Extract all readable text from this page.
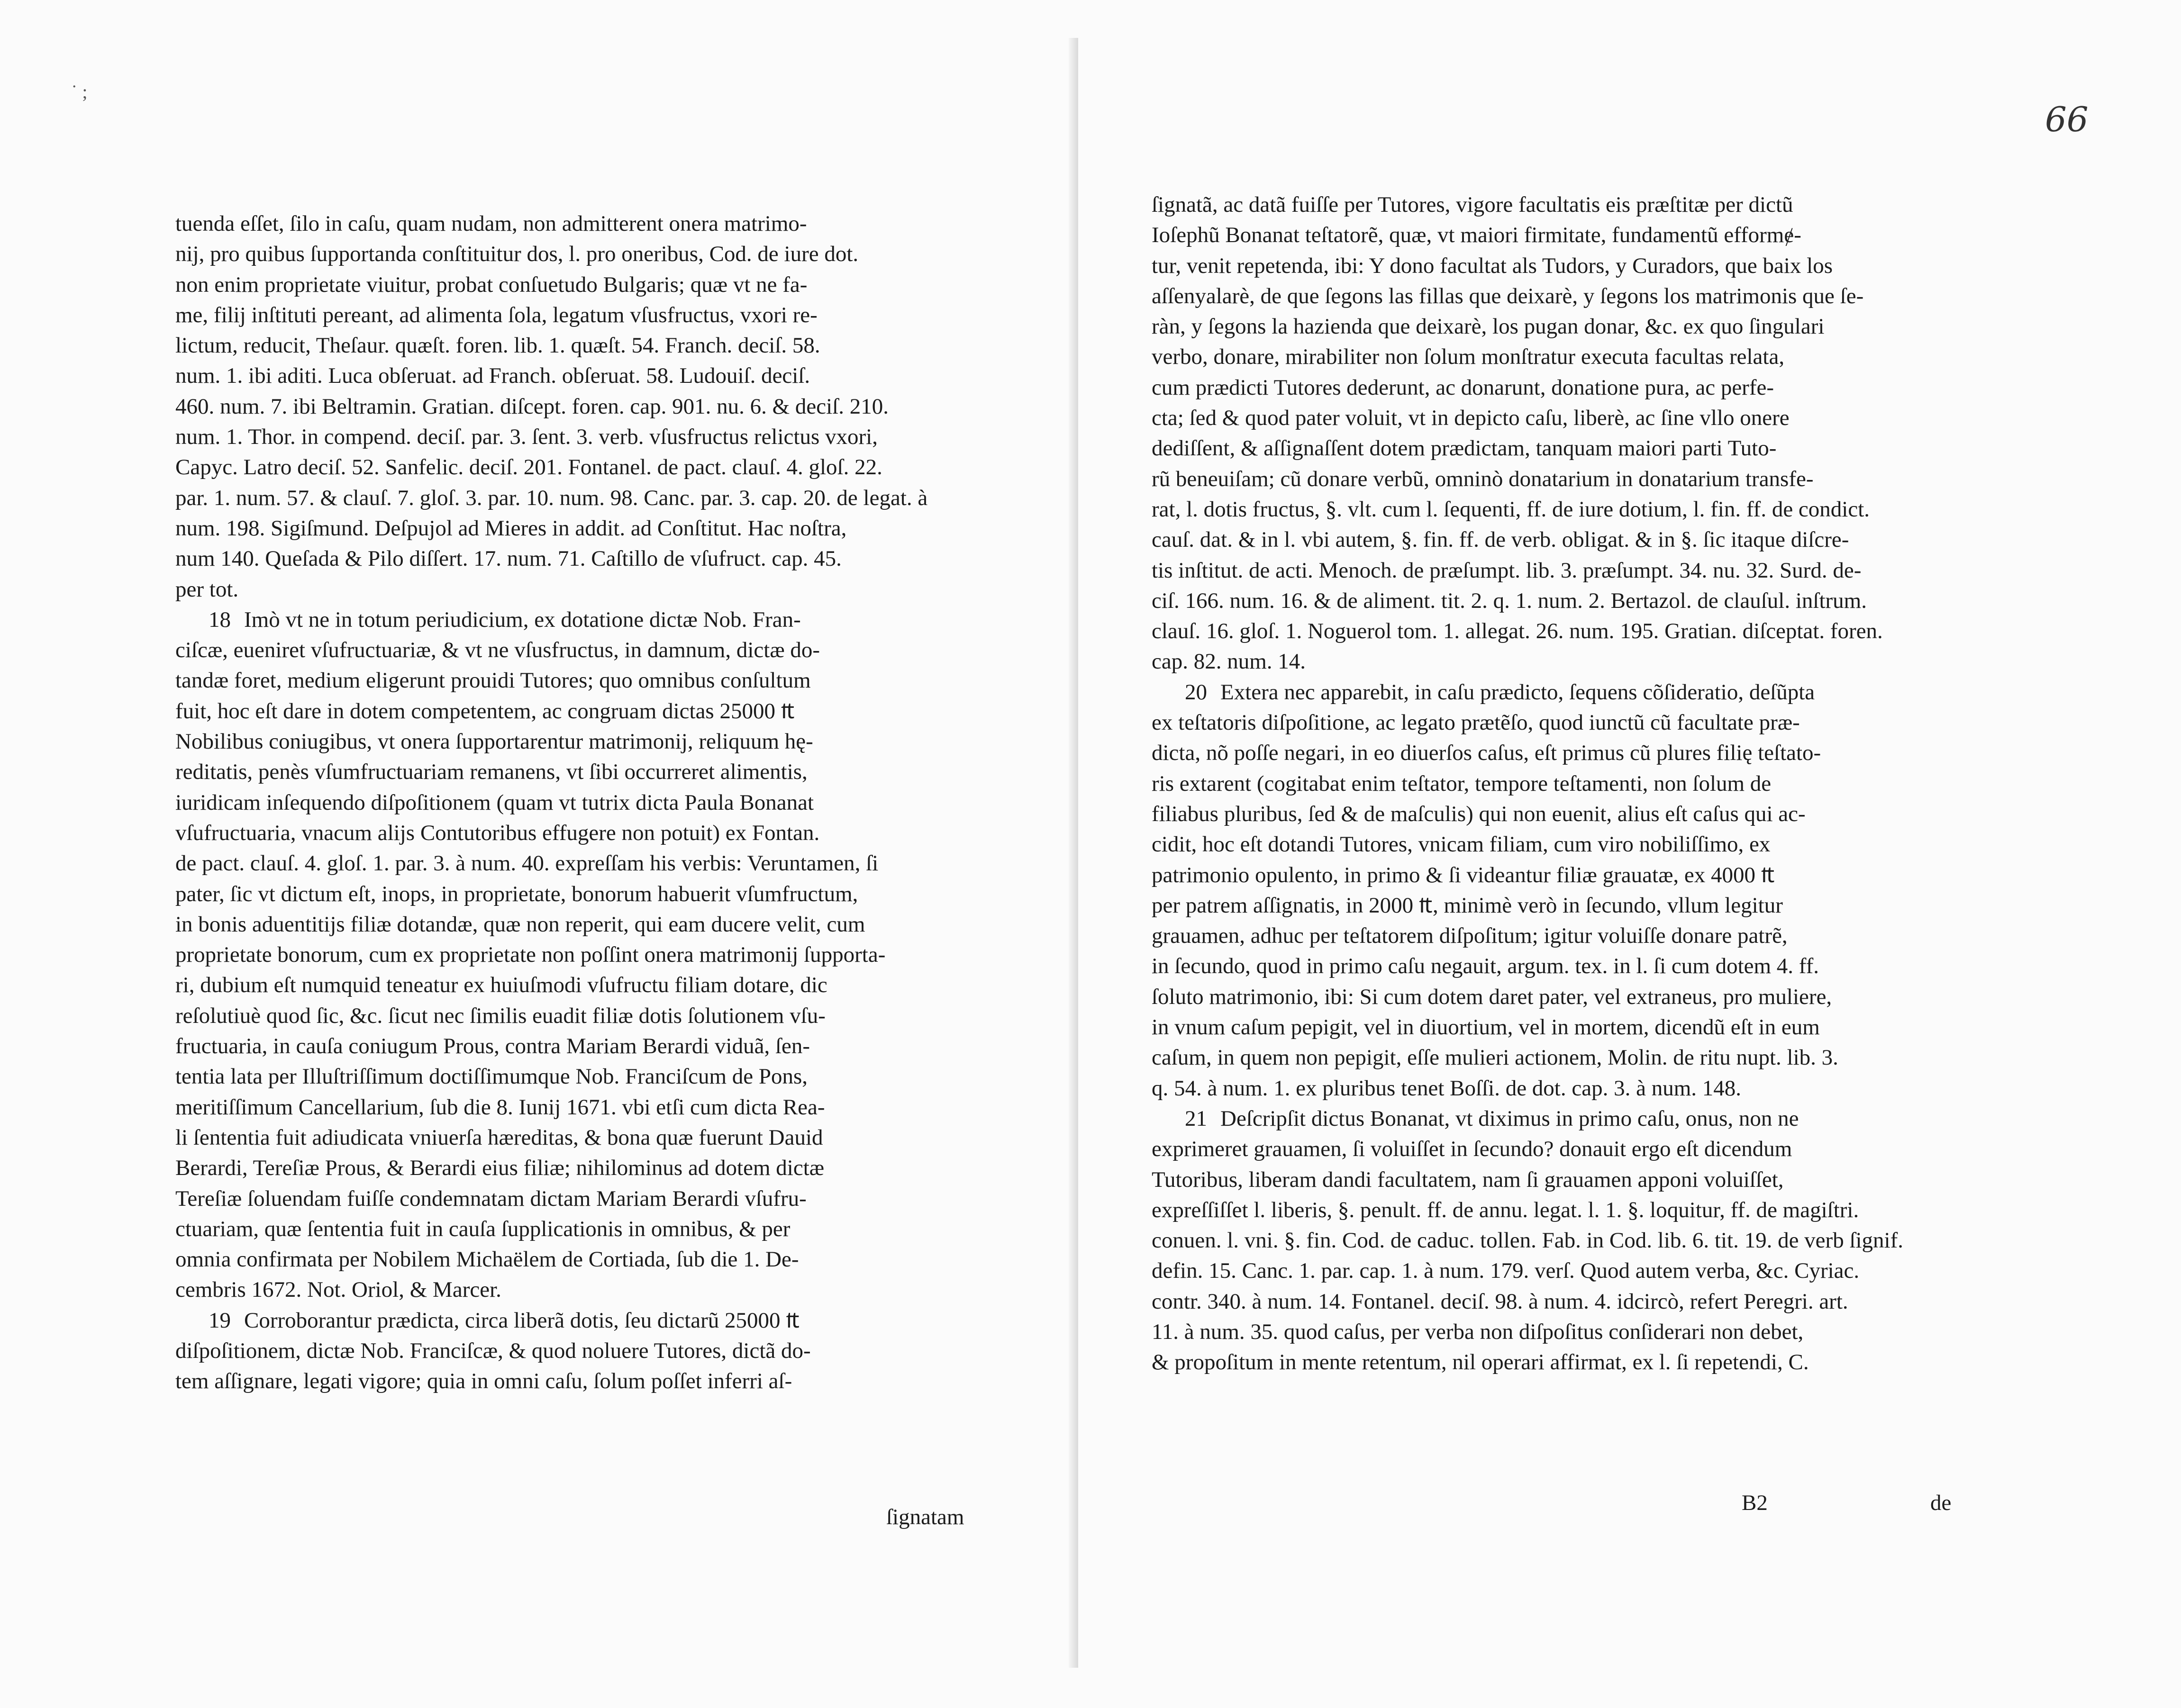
˙ ;

tuenda eſſet, ſilo in caſu, quam nudam, non admitterent onera matrimo-

nij, pro quibus ſupportanda conſtituitur dos, l. pro oneribus, Cod. de iure dot.

non enim proprietate viuitur, probat conſuetudo Bulgaris; quæ vt ne fa-

me, filij inſtituti pereant, ad alimenta ſola, legatum vſusfructus, vxori re-

lictum, reducit, Theſaur. quæſt. foren. lib. 1. quæſt. 54. Franch. deciſ. 58.

num. 1. ibi aditi. Luca obſeruat. ad Franch. obſeruat. 58. Ludouiſ. deciſ.

460. num. 7. ibi Beltramin. Gratian. diſcept. foren. cap. 901. nu. 6. & deciſ. 210.

num. 1. Thor. in compend. deciſ. par. 3. ſent. 3. verb. vſusfructus relictus vxori,

Capyc. Latro deciſ. 52. Sanfelic. deciſ. 201. Fontanel. de pact. clauſ. 4. gloſ. 22.

par. 1. num. 57. & clauſ. 7. gloſ. 3. par. 10. num. 98. Canc. par. 3. cap. 20. de legat. à

num. 198. Sigiſmund. Deſpujol ad Mieres in addit. ad Conſtitut. Hac noſtra,

num 140. Queſada & Pilo diſſert. 17. num. 71. Caſtillo de vſufruct. cap. 45.

per tot.

18 Imò vt ne in totum periudicium, ex dotatione dictæ Nob. Fran-

ciſcæ, eueniret vſufructuariæ, & vt ne vſusfructus, in damnum, dictæ do-

tandæ foret, medium eligerunt prouidi Tutores; quo omnibus conſultum

fuit, hoc eſt dare in dotem competentem, ac congruam dictas 25000 ₶

Nobilibus coniugibus, vt onera ſupportarentur matrimonij, reliquum hę-

reditatis, penès vſumfructuariam remanens, vt ſibi occurreret alimentis,

iuridicam inſequendo diſpoſitionem (quam vt tutrix dicta Paula Bonanat

vſufructuaria, vnacum alijs Contutoribus effugere non potuit) ex Fontan.

de pact. clauſ. 4. gloſ. 1. par. 3. à num. 40. expreſſam his verbis: Veruntamen, ſi

pater, ſic vt dictum eſt, inops, in proprietate, bonorum habuerit vſumfructum,

in bonis aduentitijs filiæ dotandæ, quæ non reperit, qui eam ducere velit, cum

proprietate bonorum, cum ex proprietate non poſſint onera matrimonij ſupporta-

ri, dubium eſt numquid teneatur ex huiuſmodi vſufructu filiam dotare, dic

reſolutiuè quod ſic, &c. ſicut nec ſimilis euadit filiæ dotis ſolutionem vſu-

fructuaria, in cauſa coniugum Prous, contra Mariam Berardi viduã, ſen-

tentia lata per Illuſtriſſimum doctiſſimumque Nob. Franciſcum de Pons,

meritiſſimum Cancellarium, ſub die 8. Iunij 1671. vbi etſi cum dicta Rea-

li ſententia fuit adiudicata vniuerſa hæreditas, & bona quæ fuerunt Dauid

Berardi, Tereſiæ Prous, & Berardi eius filiæ; nihilominus ad dotem dictæ

Tereſiæ ſoluendam fuiſſe condemnatam dictam Mariam Berardi vſufru-

ctuariam, quæ ſententia fuit in cauſa ſupplicationis in omnibus, & per

omnia confirmata per Nobilem Michaëlem de Cortiada, ſub die 1. De-

cembris 1672. Not. Oriol, & Marcer.

19 Corroborantur prædicta, circa liberã dotis, ſeu dictarũ 25000 ₶

diſpoſitionem, dictæ Nob. Franciſcæ, & quod noluere Tutores, dictã do-

tem aſſignare, legati vigore; quia in omni caſu, ſolum poſſet inferri aſ-

ſignatam
66

ſignatã, ac datã fuiſſe per Tutores, vigore facultatis eis præſtitæ per dictũ

Ioſephũ Bonanat teſtatorẽ, quæ, vt maiori firmitate, fundamentũ efformɇ-

tur, venit repetenda, ibi: Y dono facultat als Tudors, y Curadors, que baix los

aſſenyalarè, de que ſegons las fillas que deixarè, y ſegons los matrimonis que ſe-

ràn, y ſegons la hazienda que deixarè, los pugan donar, &c. ex quo ſingulari

verbo, donare, mirabiliter non ſolum monſtratur executa facultas relata,

cum prædicti Tutores dederunt, ac donarunt, donatione pura, ac perfe-

cta; ſed & quod pater voluit, vt in depicto caſu, liberè, ac ſine vllo onere

dediſſent, & aſſignaſſent dotem prædictam, tanquam maiori parti Tuto-

rũ beneuiſam; cũ donare verbũ, omninò donatarium in donatarium transfe-

rat, l. dotis fructus, §. vlt. cum l. ſequenti, ff. de iure dotium, l. fin. ff. de condict.

cauſ. dat. & in l. vbi autem, §. fin. ff. de verb. obligat. & in §. ſic itaque diſcre-

tis inſtitut. de acti. Menoch. de præſumpt. lib. 3. præſumpt. 34. nu. 32. Surd. de-

ciſ. 166. num. 16. & de aliment. tit. 2. q. 1. num. 2. Bertazol. de clauſul. inſtrum.

clauſ. 16. gloſ. 1. Noguerol tom. 1. allegat. 26. num. 195. Gratian. diſceptat. foren.

cap. 82. num. 14.

20 Extera nec apparebit, in caſu prædicto, ſequens cõſideratio, deſũpta

ex teſtatoris diſpoſitione, ac legato prætẽſo, quod iunctũ cũ facultate præ-

dicta, nõ poſſe negari, in eo diuerſos caſus, eſt primus cũ plures filię teſtato-

ris extarent (cogitabat enim teſtator, tempore teſtamenti, non ſolum de

filiabus pluribus, ſed & de maſculis) qui non euenit, alius eſt caſus qui ac-

cidit, hoc eſt dotandi Tutores, vnicam filiam, cum viro nobiliſſimo, ex

patrimonio opulento, in primo & ſi videantur filiæ grauatæ, ex 4000 ₶

per patrem aſſignatis, in 2000 ₶, minimè verò in ſecundo, vllum legitur

grauamen, adhuc per teſtatorem diſpoſitum; igitur voluiſſe donare patrẽ,

in ſecundo, quod in primo caſu negauit, argum. tex. in l. ſi cum dotem 4. ff.

ſoluto matrimonio, ibi: Si cum dotem daret pater, vel extraneus, pro muliere,

in vnum caſum pepigit, vel in diuortium, vel in mortem, dicendũ eſt in eum

caſum, in quem non pepigit, eſſe mulieri actionem, Molin. de ritu nupt. lib. 3.

q. 54. à num. 1. ex pluribus tenet Boſſi. de dot. cap. 3. à num. 148.

21 Deſcripſit dictus Bonanat, vt diximus in primo caſu, onus, non ne

exprimeret grauamen, ſi voluiſſet in ſecundo? donauit ergo eſt dicendum

Tutoribus, liberam dandi facultatem, nam ſi grauamen apponi voluiſſet,

expreſſiſſet l. liberis, §. penult. ff. de annu. legat. l. 1. §. loquitur, ff. de magiſtri.

conuen. l. vni. §. fin. Cod. de caduc. tollen. Fab. in Cod. lib. 6. tit. 19. de verb ſignif.

defin. 15. Canc. 1. par. cap. 1. à num. 179. verſ. Quod autem verba, &c. Cyriac.

contr. 340. à num. 14. Fontanel. deciſ. 98. à num. 4. idcircò, refert Peregri. art.

11. à num. 35. quod caſus, per verba non diſpoſitus conſiderari non debet,

& propoſitum in mente retentum, nil operari affirmat, ex l. ſi repetendi, C.

B2	de
